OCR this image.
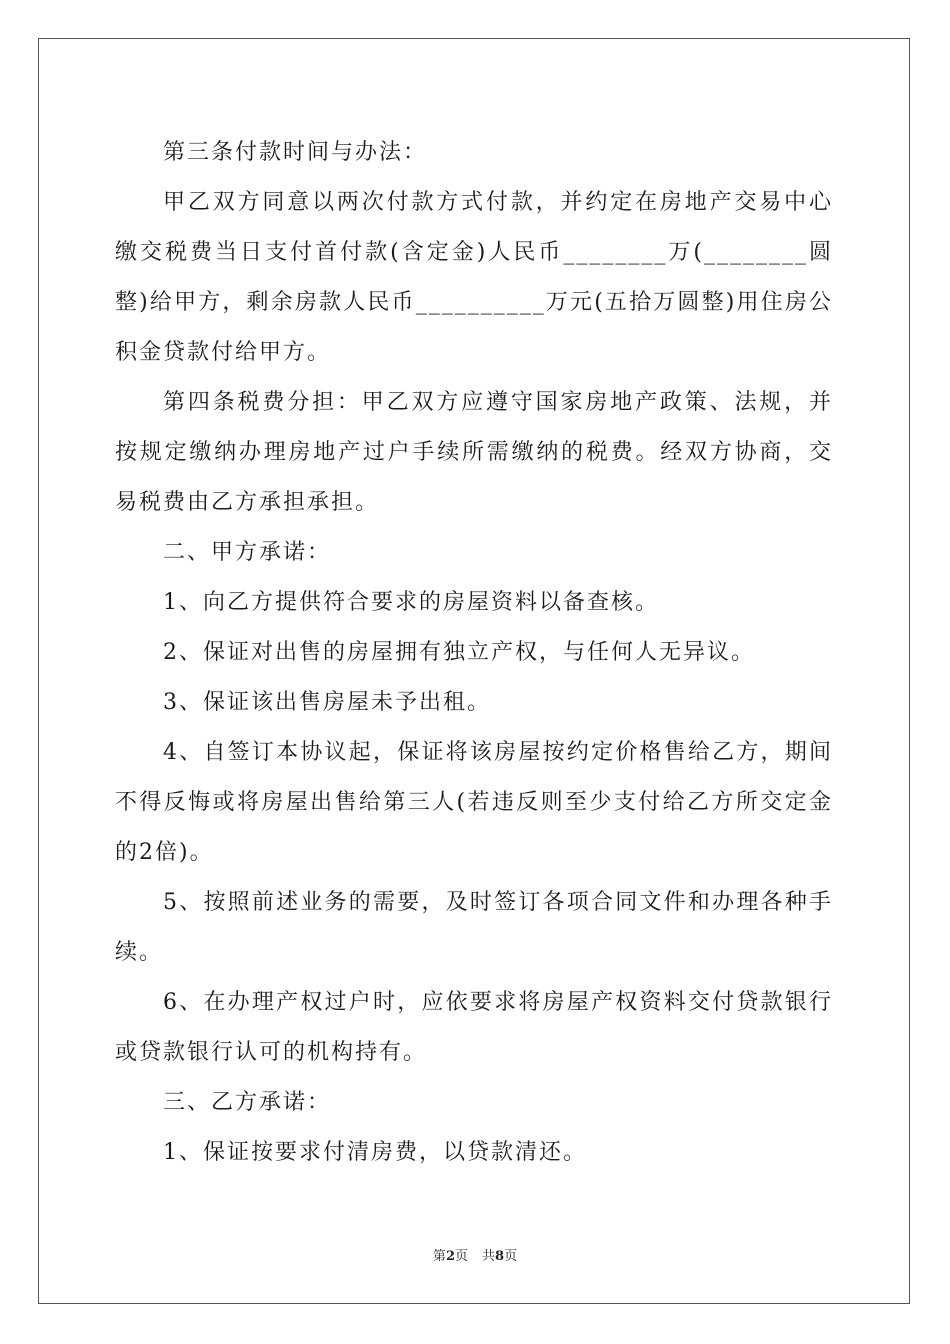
第三条付款时间与办法：

甲乙双方同意以两次付款方式付款，并约定在房地产交易中心缴交税费当日支付首付款(含定金)人民币________万(________圆整)给甲方，剩余房款人民币__________万元(五拾万圆整)用住房公积金贷款付给甲方。

第四条税费分担：甲乙双方应遵守国家房地产政策、法规，并按规定缴纳办理房地产过户手续所需缴纳的税费。经双方协商，交易税费由乙方承担承担。

二、甲方承诺：

1、向乙方提供符合要求的房屋资料以备查核。

2、保证对出售的房屋拥有独立产权，与任何人无异议。

3、保证该出售房屋未予出租。

4、自签订本协议起，保证将该房屋按约定价格售给乙方，期间不得反悔或将房屋出售给第三人(若违反则至少支付给乙方所交定金的2倍)。

5、按照前述业务的需要，及时签订各项合同文件和办理各种手续。

6、在办理产权过户时，应依要求将房屋产权资料交付贷款银行或贷款银行认可的机构持有。

三、乙方承诺：

1、保证按要求付清房费，以贷款清还。

第2页 共8页
